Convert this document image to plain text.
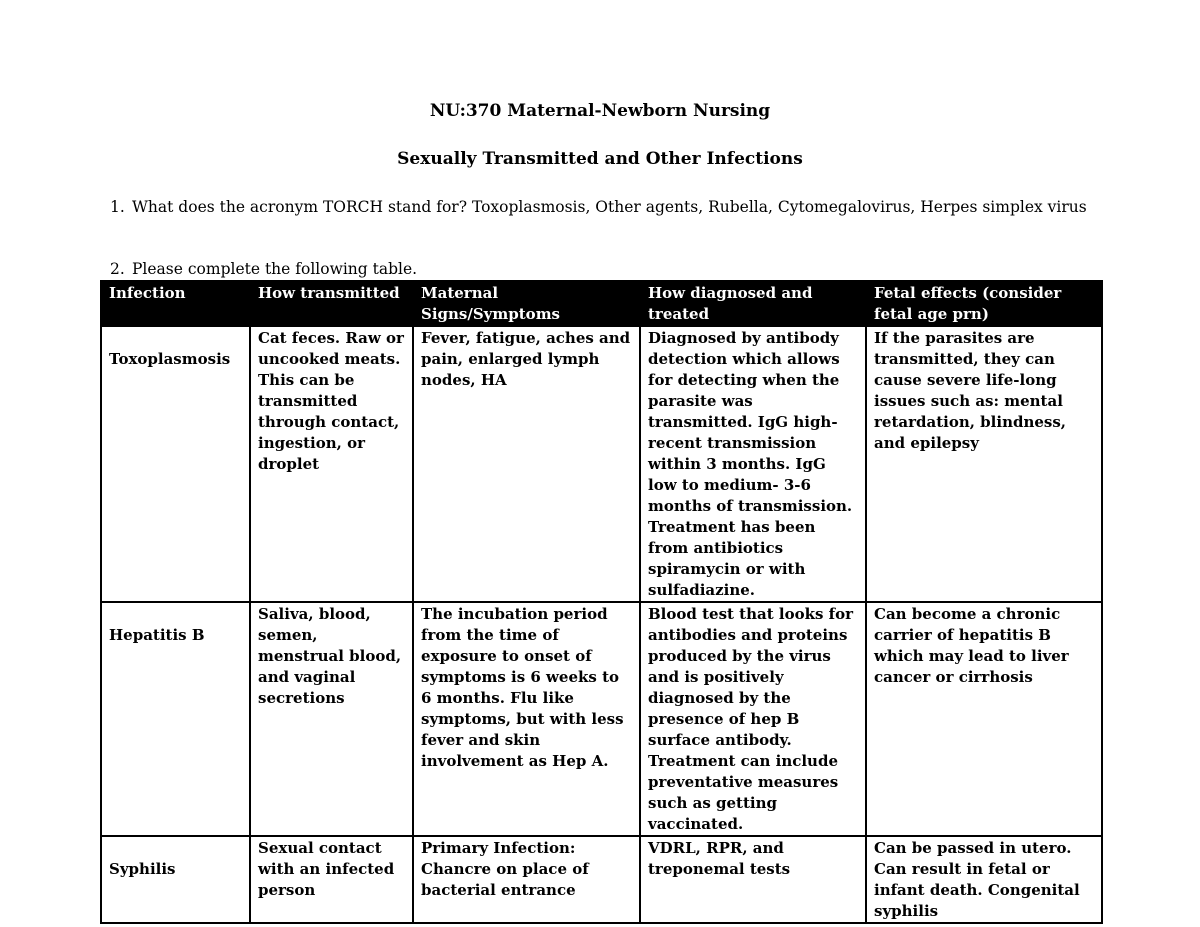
NU:370 Maternal-Newborn Nursing
Sexually Transmitted and Other Infections
1. What does the acronym TORCH stand for? Toxoplasmosis, Other agents, Rubella, Cytomegalovirus, Herpes simplex virus
2. Please complete the following table.
Infection	How transmitted	Maternal Signs/Symptoms	How diagnosed and treated	Fetal effects (consider fetal age prn)
Toxoplasmosis	Cat feces. Raw or uncooked meats. This can be transmitted through contact, ingestion, or droplet	Fever, fatigue, aches and pain, enlarged lymph nodes, HA	Diagnosed by antibody detection which allows for detecting when the parasite was transmitted. IgG high- recent transmission within 3 months. IgG low to medium- 3-6 months of transmission. Treatment has been from antibiotics spiramycin or with sulfadiazine.	If the parasites are transmitted, they can cause severe life-long issues such as: mental retardation, blindness, and epilepsy
Hepatitis B	Saliva, blood, semen, menstrual blood, and vaginal secretions	The incubation period from the time of exposure to onset of symptoms is 6 weeks to 6 months. Flu like symptoms, but with less fever and skin involvement as Hep A.	Blood test that looks for antibodies and proteins produced by the virus and is positively diagnosed by the presence of hep B surface antibody. Treatment can include preventative measures such as getting vaccinated.	Can become a chronic carrier of hepatitis B which may lead to liver cancer or cirrhosis
Syphilis	Sexual contact with an infected person	Primary Infection: Chancre on place of bacterial entrance	VDRL, RPR, and treponemal tests	Can be passed in utero. Can result in fetal or infant death. Congenital syphilis
